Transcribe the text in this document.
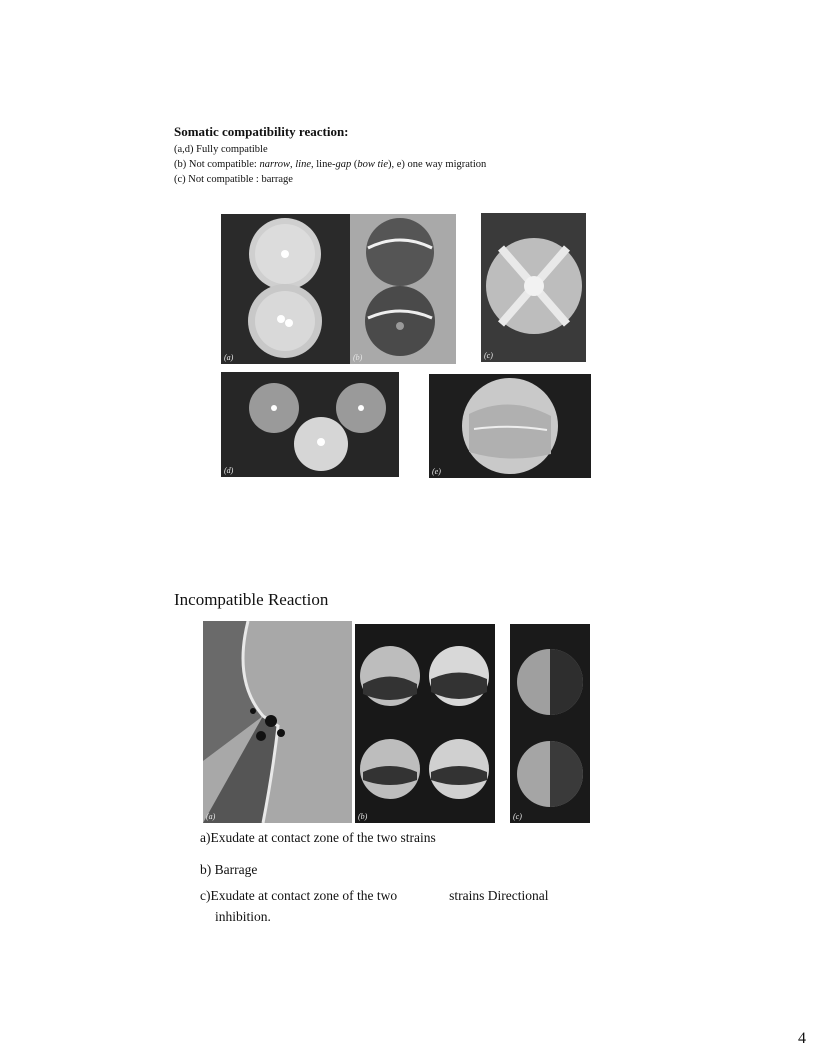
Somatic compatibility reaction:
(a,d) Fully compatible
(b) Not compatible: narrow, line, line-gap (bow tie), e) one way migration
(c) Not compatible : barrage
(a)	(b)	(c)
(d)	(e)
Incompatible Reaction
(a)	(b)	(c)
a)Exudate at contact zone of the two strains
b) Barrage
c)Exudate at contact zone of the two	strains Directional
inhibition.
4
